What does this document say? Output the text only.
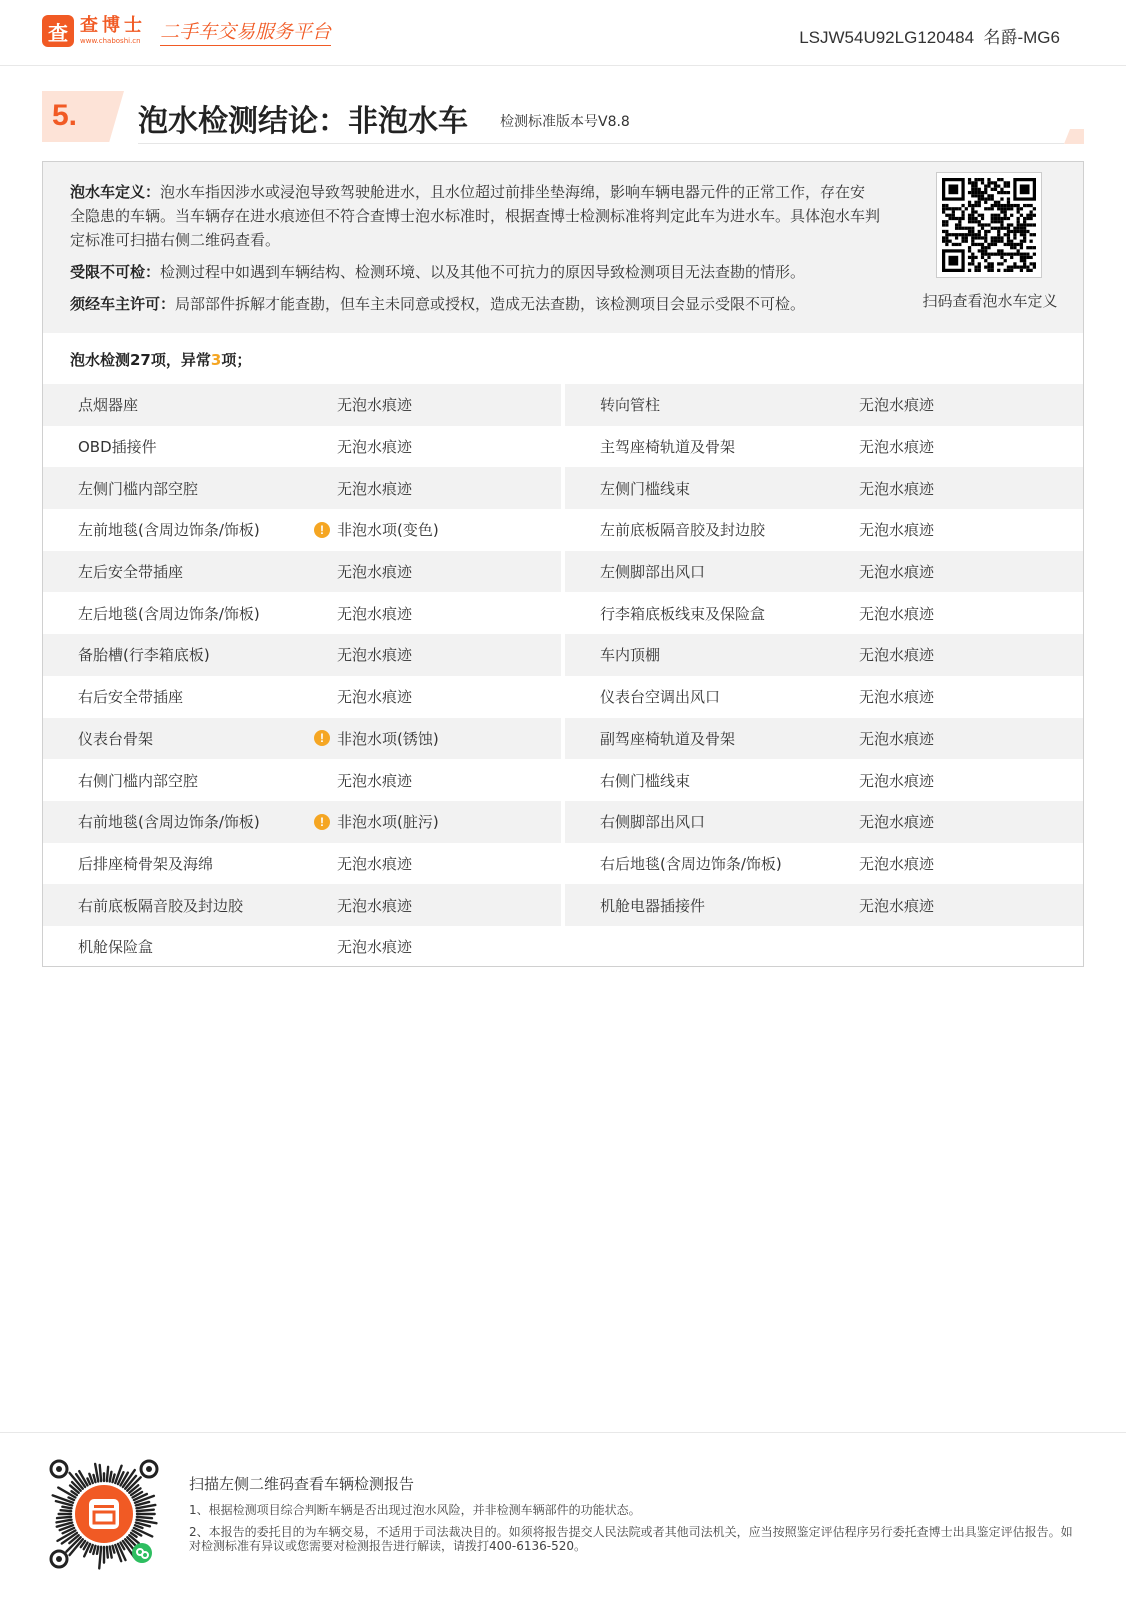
查 查博士
www.chaboshi.cn 二手车交易服务平台	LSJW54U92LG120484  名爵-MG6
5. 泡水检测结论：非泡水车 检测标准版本号V8.8

泡水车定义：泡水车指因涉水或浸泡导致驾驶舱进水，且水位超过前排坐垫海绵，影响车辆电器元件的正常工作，存在安全隐患的车辆。当车辆存在进水痕迹但不符合查博士泡水标准时，根据查博士检测标准将判定此车为进水车。具体泡水车判定标准可扫描右侧二维码查看。

受限不可检：检测过程中如遇到车辆结构、检测环境、以及其他不可抗力的原因导致检测项目无法查勘的情形。

须经车主许可：局部部件拆解才能查勘，但车主未同意或授权，造成无法查勘，该检测项目会显示受限不可检。	扫码查看泡水车定义
泡水检测27项，异常3项；
点烟器座	无泡水痕迹	转向管柱	无泡水痕迹
OBD插接件	无泡水痕迹	主驾座椅轨道及骨架	无泡水痕迹
左侧门槛内部空腔	无泡水痕迹	左侧门槛线束	无泡水痕迹
左前地毯(含周边饰条/饰板)	! 非泡水项(变色)	左前底板隔音胶及封边胶	无泡水痕迹
左后安全带插座	无泡水痕迹	左侧脚部出风口	无泡水痕迹
左后地毯(含周边饰条/饰板)	无泡水痕迹	行李箱底板线束及保险盒	无泡水痕迹
备胎槽(行李箱底板)	无泡水痕迹	车内顶棚	无泡水痕迹
右后安全带插座	无泡水痕迹	仪表台空调出风口	无泡水痕迹
仪表台骨架	! 非泡水项(锈蚀)	副驾座椅轨道及骨架	无泡水痕迹
右侧门槛内部空腔	无泡水痕迹	右侧门槛线束	无泡水痕迹
右前地毯(含周边饰条/饰板)	! 非泡水项(脏污)	右侧脚部出风口	无泡水痕迹
后排座椅骨架及海绵	无泡水痕迹	右后地毯(含周边饰条/饰板)	无泡水痕迹
右前底板隔音胶及封边胶	无泡水痕迹	机舱电器插接件	无泡水痕迹
机舱保险盒	无泡水痕迹
扫描左侧二维码查看车辆检测报告
1、根据检测项目综合判断车辆是否出现过泡水风险，并非检测车辆部件的功能状态。
2、本报告的委托目的为车辆交易，不适用于司法裁决目的。如须将报告提交人民法院或者其他司法机关，应当按照鉴定评估程序另行委托查博士出具鉴定评估报告。如对检测标准有异议或您需要对检测报告进行解读，请拨打400-6136-520。
